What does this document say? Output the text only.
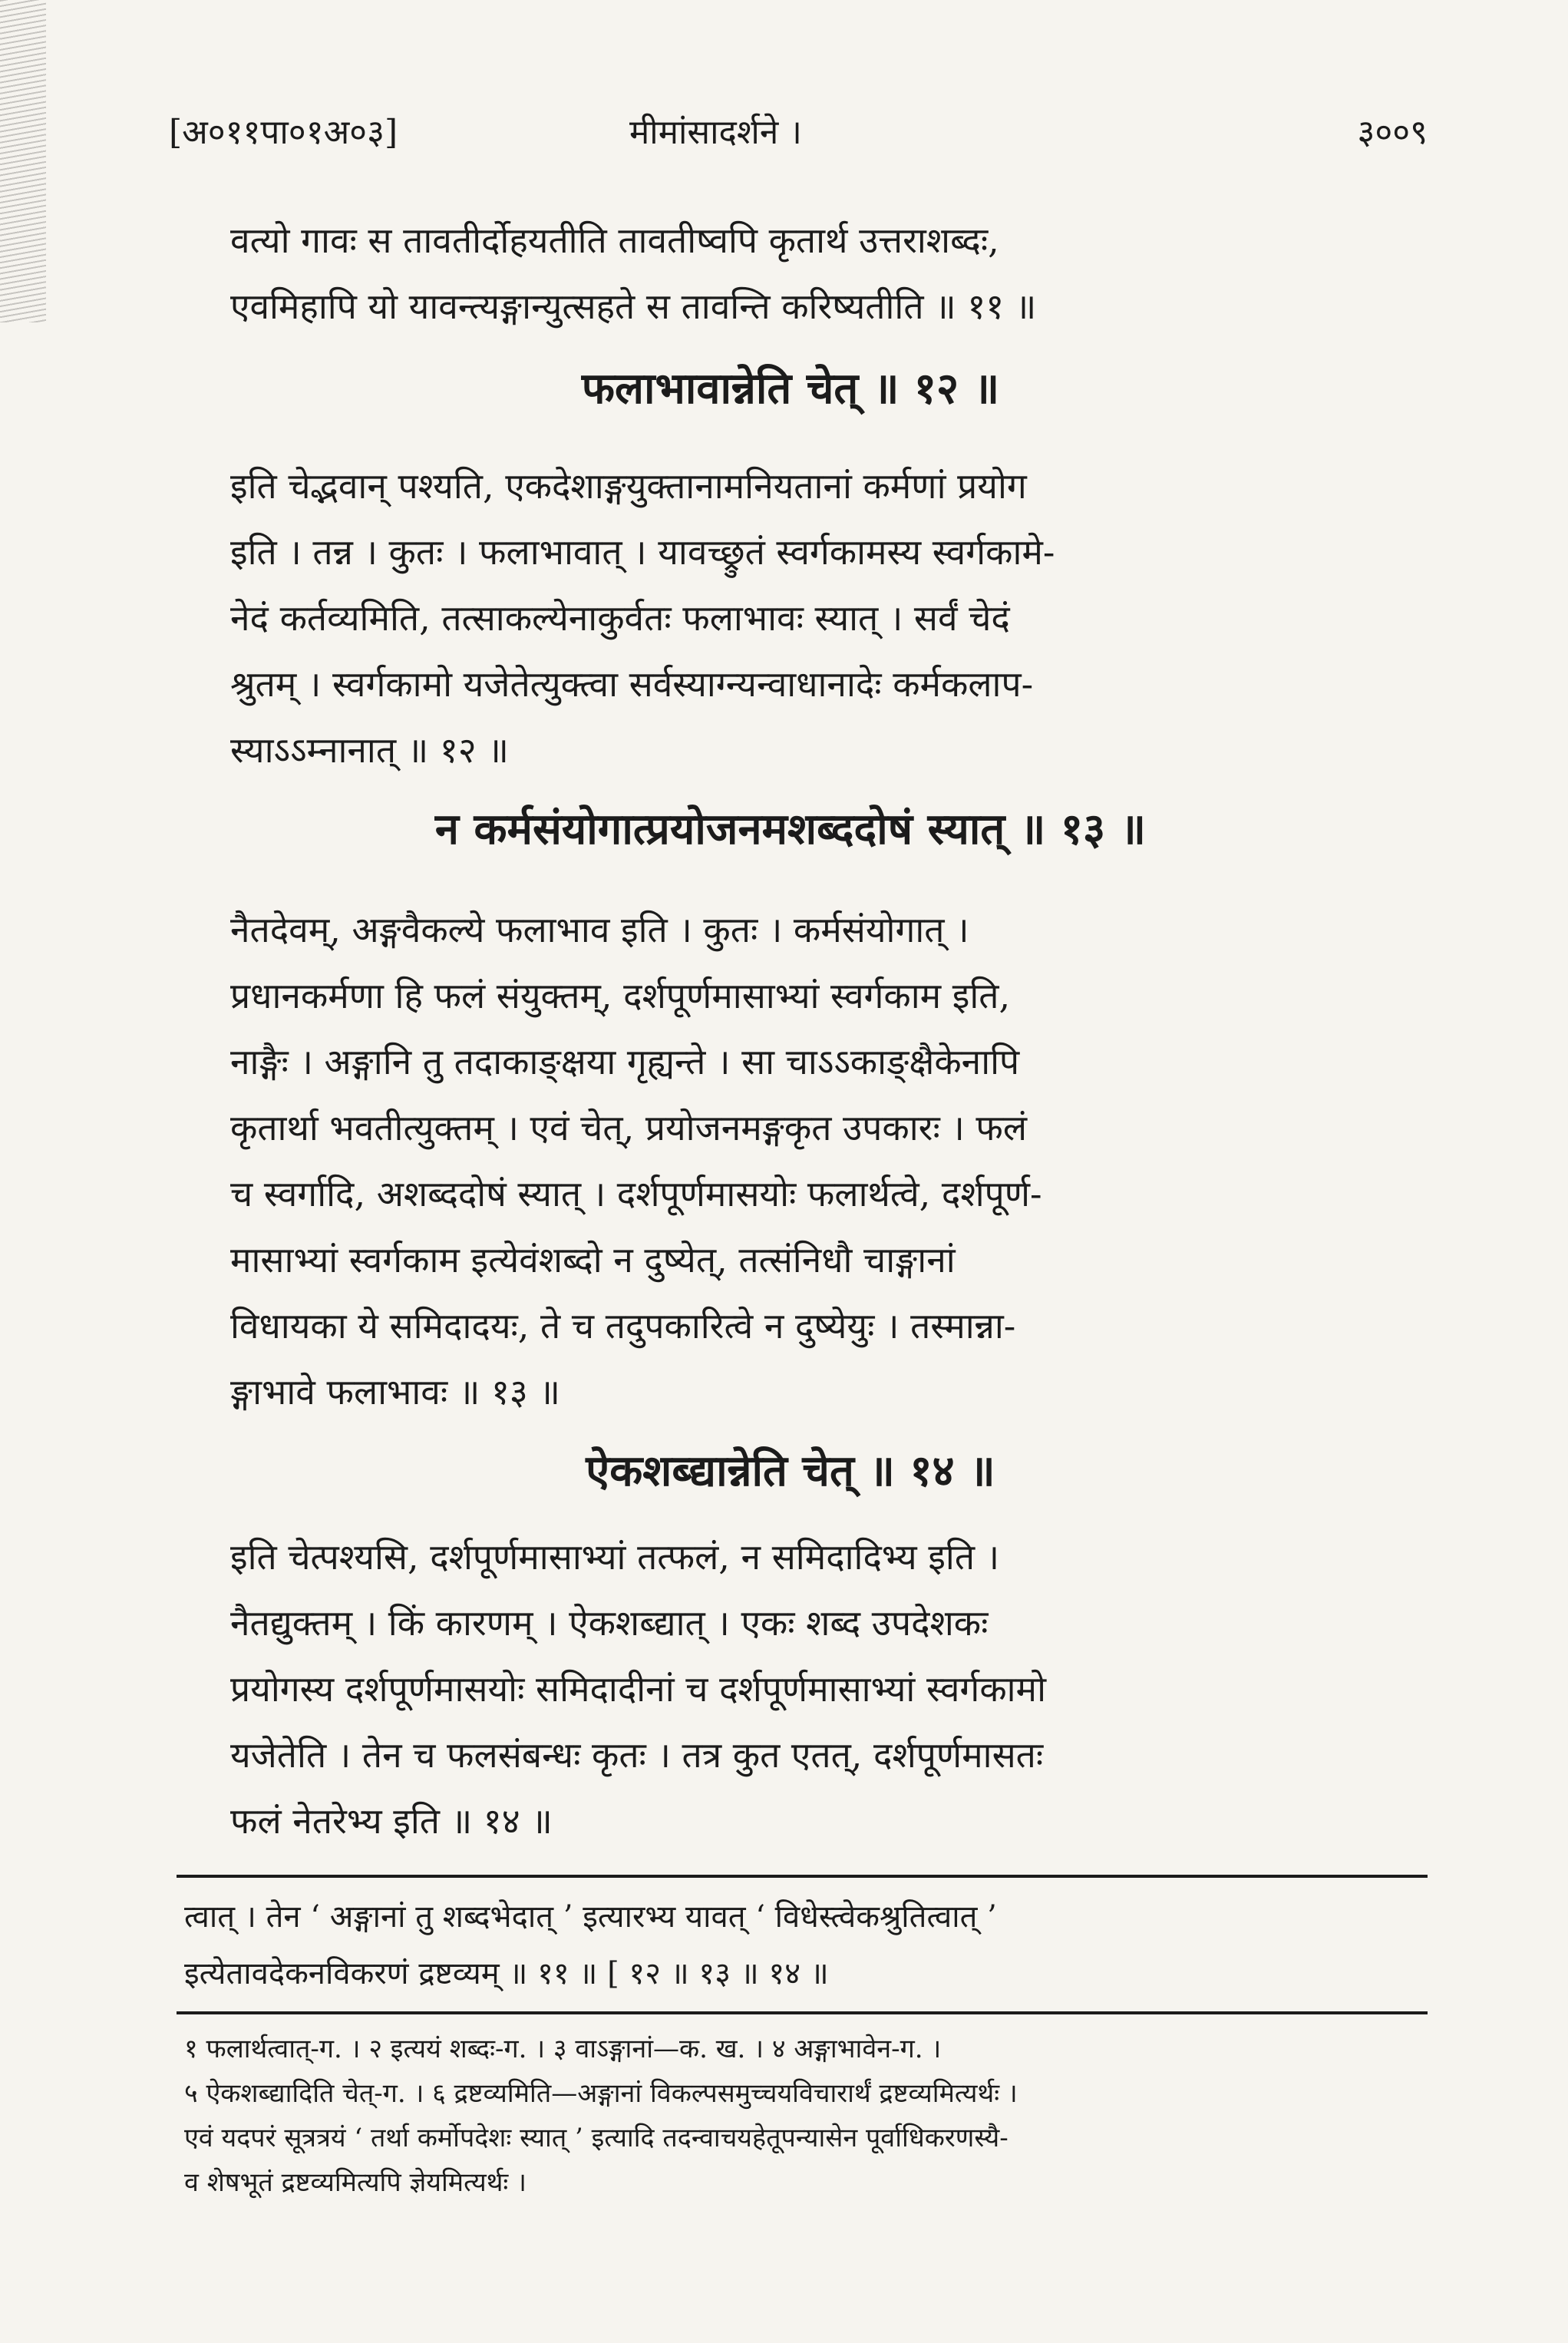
[अ०११पा०१अ०३]	मीमांसादर्शने ।	३००९
वत्यो गावः स तावतीर्दोहयतीति तावतीष्वपि कृतार्थ उत्तराशब्दः,
एवमिहापि यो यावन्त्यङ्गान्युत्सहते स तावन्ति करिष्यतीति ॥ ११ ॥
फलाभावान्नेति चेत् ॥ १२ ॥
इति चेद्भवान् पश्यति, एकदेशाङ्गयुक्तानामनियतानां कर्मणां प्रयोग
इति । तन्न । कुतः । फलाभावात् । यावच्छ्रुतं स्वर्गकामस्य स्वर्गकामे-
नेदं कर्तव्यमिति, तत्साकल्येनाकुर्वतः फलाभावः स्यात् । सर्वं चेदं
श्रुतम् । स्वर्गकामो यजेतेत्युक्त्वा सर्वस्याग्न्यन्वाधानादेः कर्मकलाप-
स्याऽऽम्नानात् ॥ १२ ॥
न कर्मसंयोगात्प्रयोजनमशब्ददोषं स्यात् ॥ १३ ॥
नैतदेवम्, अङ्गवैकल्ये फलाभाव इति । कुतः । कर्मसंयोगात् ।
प्रधानकर्मणा हि फलं संयुक्तम्, दर्शपूर्णमासाभ्यां स्वर्गकाम इति,
नाङ्गैः । अङ्गानि तु तदाकाङ्क्षया गृह्यन्ते । सा चाऽऽकाङ्क्षैकेनापि
कृतार्था भवतीत्युक्तम् । एवं चेत्, प्रयोजनमङ्गकृत उपकारः । फलं
च स्वर्गादि, अशब्ददोषं स्यात् । दर्शपूर्णमासयोः फलार्थत्वे, दर्शपूर्ण-
मासाभ्यां स्वर्गकाम इत्येवंशब्दो न दुष्येत्, तत्संनिधौ चाङ्गानां
विधायका ये समिदादयः, ते च तदुपकारित्वे न दुष्येयुः । तस्मान्ना-
ङ्गाभावे फलाभावः ॥ १३ ॥
ऐकशब्द्यान्नेति चेत् ॥ १४ ॥
इति चेत्पश्यसि, दर्शपूर्णमासाभ्यां तत्फलं, न समिदादिभ्य इति ।
नैतद्युक्तम् । किं कारणम् । ऐकशब्द्यात् । एकः शब्द उपदेशकः
प्रयोगस्य दर्शपूर्णमासयोः समिदादीनां च दर्शपूर्णमासाभ्यां स्वर्गकामो
यजेतेति । तेन च फलसंबन्धः कृतः । तत्र कुत एतत्, दर्शपूर्णमासतः
फलं नेतरेभ्य इति ॥ १४ ॥
त्वात् । तेन ‘ अङ्गानां तु शब्दभेदात् ’ इत्यारभ्य यावत् ‘ विधेस्त्वेकश्रुतित्वात् ’
इत्येतावदेकनविकरणं द्रष्टव्यम् ॥ ११ ॥ [ १२ ॥ १३ ॥ १४ ॥
१ फलार्थत्वात्-ग. । २ इत्ययं शब्दः-ग. । ३ वाऽङ्गानां—क. ख. । ४ अङ्गाभावेन-ग. ।
५ ऐकशब्द्यादिति चेत्-ग. । ६ द्रष्टव्यमिति—अङ्गानां विकल्पसमुच्चयविचारार्थं द्रष्टव्यमित्यर्थः ।
एवं यदपरं सूत्रत्रयं ‘ तर्था कर्मोपदेशः स्यात् ’ इत्यादि तदन्वाचयहेतूपन्यासेन पूर्वाधिकरणस्यै-
व शेषभूतं द्रष्टव्यमित्यपि ज्ञेयमित्यर्थः ।
